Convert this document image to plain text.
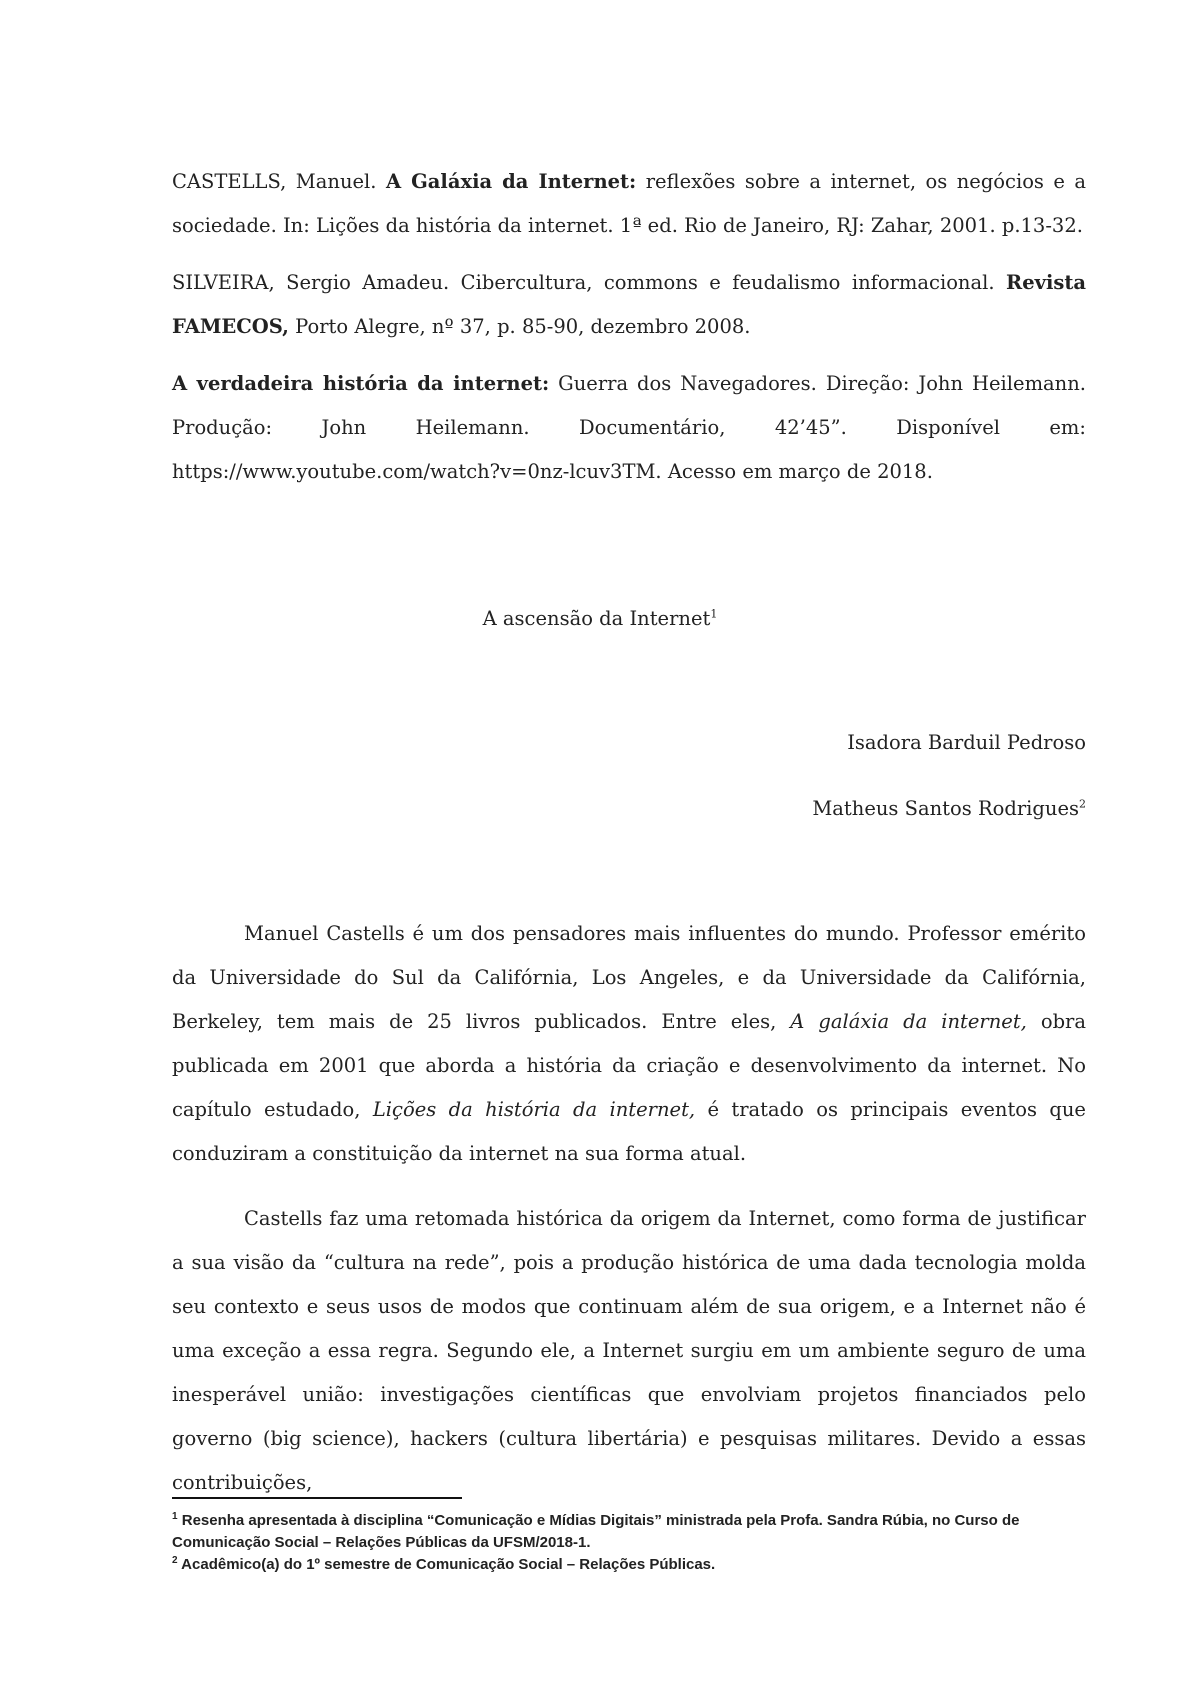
CASTELLS, Manuel. A Galáxia da Internet: reflexões sobre a internet, os negócios e a sociedade. In: Lições da história da internet. 1ª ed. Rio de Janeiro, RJ: Zahar, 2001. p.13-32.

SILVEIRA, Sergio Amadeu. Cibercultura, commons e feudalismo informacional. Revista FAMECOS, Porto Alegre, nº 37, p. 85-90, dezembro 2008.

A verdadeira história da internet: Guerra dos Navegadores. Direção: John Heilemann. Produção: John Heilemann. Documentário, 42’45”. Disponível em: https://www.youtube.com/watch?v=0nz-lcuv3TM. Acesso em março de 2018.

A ascensão da Internet$^1$
Isadora Barduil Pedroso
Matheus Santos Rodrigues$^2$

Manuel Castells é um dos pensadores mais influentes do mundo. Professor emérito da Universidade do Sul da Califórnia, Los Angeles, e da Universidade da Califórnia, Berkeley, tem mais de 25 livros publicados. Entre eles, A galáxia da internet, obra publicada em 2001 que aborda a história da criação e desenvolvimento da internet. No capítulo estudado, Lições da história da internet, é tratado os principais eventos que conduziram a constituição da internet na sua forma atual.

Castells faz uma retomada histórica da origem da Internet, como forma de justificar a sua visão da “cultura na rede”, pois a produção histórica de uma dada tecnologia molda seu contexto e seus usos de modos que continuam além de sua origem, e a Internet não é uma exceção a essa regra. Segundo ele, a Internet surgiu em um ambiente seguro de uma inesperável união: investigações científicas que envolviam projetos financiados pelo governo (big science), hackers (cultura libertária) e pesquisas militares. Devido a essas contribuições,

$^1$ Resenha apresentada à disciplina “Comunicação e Mídias Digitais” ministrada pela Profa. Sandra Rúbia, no Curso de Comunicação Social – Relações Públicas da UFSM/2018-1.

$^2$ Acadêmico(a) do 1º semestre de Comunicação Social – Relações Públicas.
